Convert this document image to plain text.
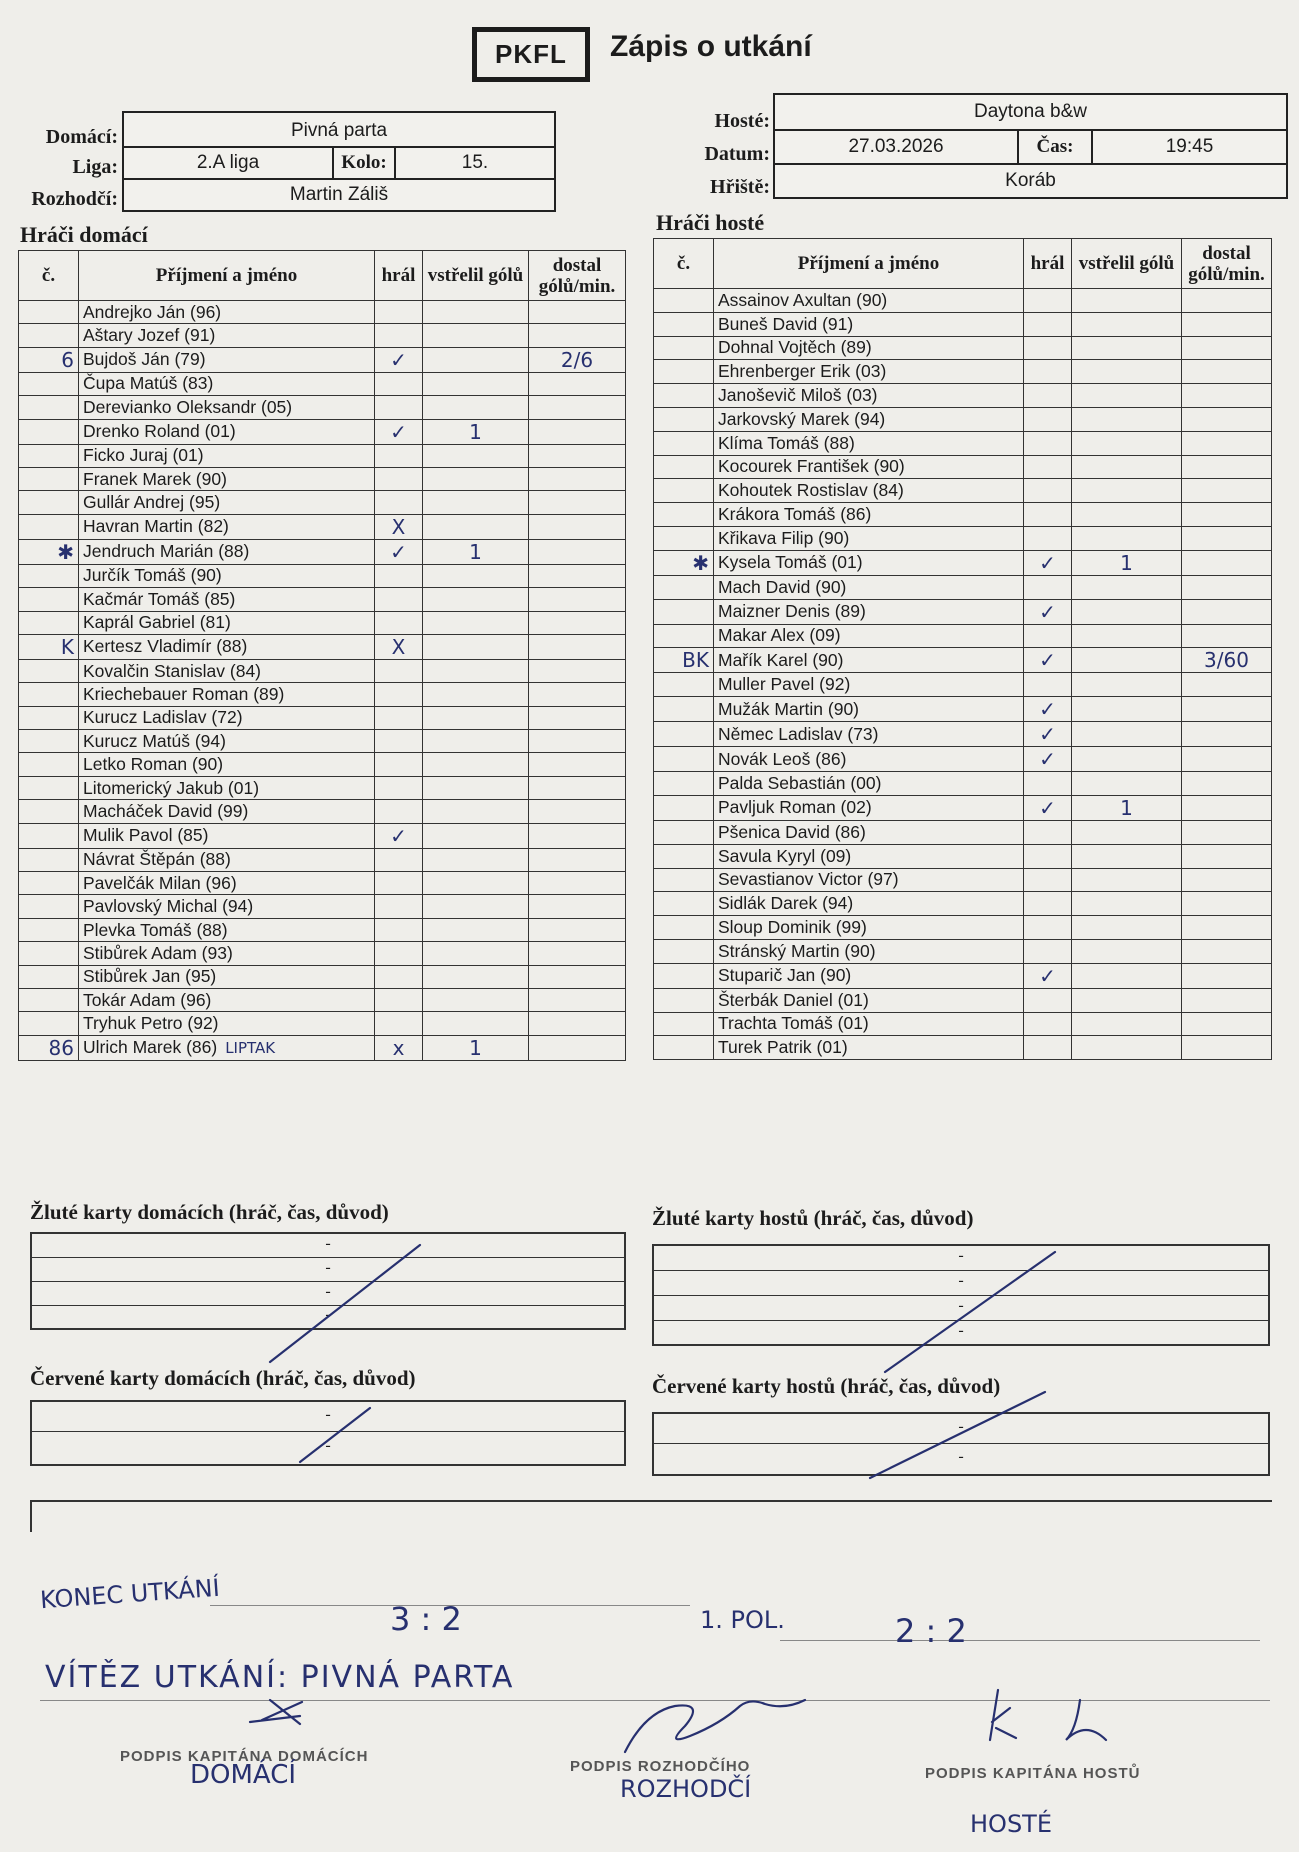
PKFL Zápis o utkání
Domácí:	Pivná parta
Liga:	2.A liga	Kolo:	15.
Rozhodčí:	Martin Záliš
Hosté:	Daytona b&w
Datum:	27.03.2026	Čas:	19:45
Hřiště:	Koráb
Hráči domácí	Hráči hosté
č.	Příjmení a jméno	hrál	vstřelil gólů	dostal gólů/min.
	Andrejko Ján (96)			
	Aštary Jozef (91)			
6	Bujdoš Ján (79)	✓		2/6
	Čupa Matúš (83)			
	Derevianko Oleksandr (05)			
	Drenko Roland (01)	✓	1	
	Ficko Juraj (01)			
	Franek Marek (90)			
	Gullár Andrej (95)			
	Havran Martin (82)	X		
✱	Jendruch Marián (88)	✓	1	
	Jurčík Tomáš (90)			
	Kačmár Tomáš (85)			
	Kaprál Gabriel (81)			
K	Kertesz Vladimír (88)	X		
	Kovalčin Stanislav (84)			
	Kriechebauer Roman (89)			
	Kurucz Ladislav (72)			
	Kurucz Matúš (94)			
	Letko Roman (90)			
	Litomerický Jakub (01)			
	Macháček David (99)			
	Mulik Pavol (85)	✓		
	Návrat Štěpán (88)			
	Pavelčák Milan (96)			
	Pavlovský Michal (94)			
	Plevka Tomáš (88)			
	Stibůrek Adam (93)			
	Stibůrek Jan (95)			
	Tokár Adam (96)			
	Tryhuk Petro (92)			
86	Ulrich Marek (86) LIPTAK	x	1	
č.	Příjmení a jméno	hrál	vstřelil gólů	dostal gólů/min.
	Assainov Axultan (90)			
	Buneš David (91)			
	Dohnal Vojtěch (89)			
	Ehrenberger Erik (03)			
	Janoševič Miloš (03)			
	Jarkovský Marek (94)			
	Klíma Tomáš (88)			
	Kocourek František (90)			
	Kohoutek Rostislav (84)			
	Krákora Tomáš (86)			
	Křikava Filip (90)			
✱	Kysela Tomáš (01)	✓	1	
	Mach David (90)			
	Maizner Denis (89)	✓		
	Makar Alex (09)			
BK	Mařík Karel (90)	✓		3/60
	Muller Pavel (92)			
	Mužák Martin (90)	✓		
	Němec Ladislav (73)	✓		
	Novák Leoš (86)	✓		
	Palda Sebastián (00)			
	Pavljuk Roman (02)	✓	1	
	Pšenica David (86)			
	Savula Kyryl (09)			
	Sevastianov Victor (97)			
	Sidlák Darek (94)			
	Sloup Dominik (99)			
	Stránský Martin (90)			
	Stuparič Jan (90)	✓		
	Šterbák Daniel (01)			
	Trachta Tomáš (01)			
	Turek Patrik (01)			
Žluté karty domácích (hráč, čas, důvod)
-
-
-
-
Žluté karty hostů (hráč, čas, důvod)
-
-
-
-
Červené karty domácích (hráč, čas, důvod)
-
-
Červené karty hostů (hráč, čas, důvod)
-
-
KONEC UTKÁNÍ
3 : 2	1. POL.	2 : 2
VÍTĚZ UTKÁNÍ: PIVNÁ PARTA
PODPIS KAPITÁNA DOMÁCÍCH
PODPIS ROZHODČÍHO	PODPIS KAPITÁNA HOSTŮ
DOMÁCÍ	ROZHODČÍ
HOSTÉ
